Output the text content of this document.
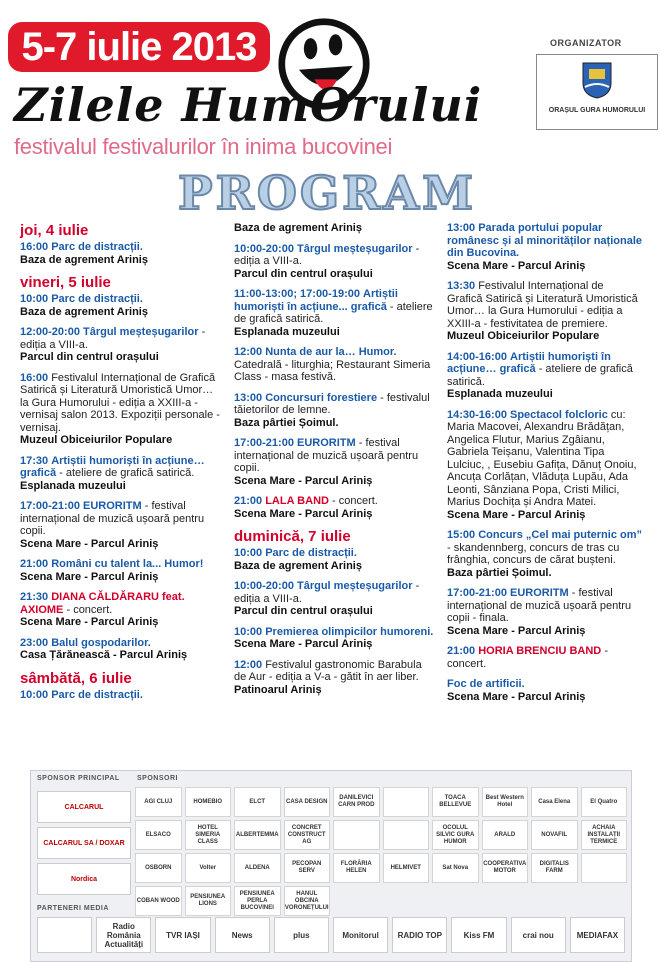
5-7 iulie 2013
Zilele HumOrului
festivalul festivalurilor în inima bucovinei
PROGRAM
ORGANIZATOR
ORAȘUL GURA HUMORULUI
joi, 4 iulie
16:00 Parc de distracții.
Baza de agrement Ariniș
vineri, 5 iulie
10:00 Parc de distracții.
Baza de agrement Ariniș
12:00-20:00 Târgul meșteșugarilor - ediția a VIII-a.
Parcul din centrul orașului
16:00 Festivalul Internațional de Grafică Satirică și Literatură Umoristică Umor… la Gura Humorului - ediția a XXIII-a - vernisaj salon 2013. Expoziții personale - vernisaj.
Muzeul Obiceiurilor Populare
17:30 Artiștii humoriști în acțiune… grafică - ateliere de grafică satirică.
Esplanada muzeului
17:00-21:00 EURORITM - festival internațional de muzică ușoară pentru copii.
Scena Mare - Parcul Ariniș
21:00 Români cu talent la... Humor!
Scena Mare - Parcul Ariniș
21:30 DIANA CĂLDĂRARU feat. AXIOME - concert.
Scena Mare - Parcul Ariniș
23:00 Balul gospodarilor.
Casa Țărănească - Parcul Ariniș
sâmbătă, 6 iulie
10:00 Parc de distracții.
Baza de agrement Ariniș
10:00-20:00 Târgul meșteșugarilor - ediția a VIII-a.
Parcul din centrul orașului
11:00-13:00; 17:00-19:00 Artiștii humoriști în acțiune... grafică - ateliere de grafică satirică.
Esplanada muzeului
12:00 Nunta de aur la… Humor. Catedrală - liturghia; Restaurant Simeria Class - masa festivă.
13:00 Concursuri forestiere - festivalul tăietorilor de lemne.
Baza pârtiei Șoimul.
17:00-21:00 EURORITM - festival internațional de muzică ușoară pentru copii.
Scena Mare - Parcul Ariniș
21:00 LALA BAND - concert.
Scena Mare - Parcul Ariniș
duminică, 7 iulie
10:00 Parc de distracții.
Baza de agrement Ariniș
10:00-20:00 Târgul meșteșugarilor - ediția a VIII-a.
Parcul din centrul orașului
10:00 Premierea olimpicilor humoreni.
Scena Mare - Parcul Ariniș
12:00 Festivalul gastronomic Barabula de Aur - ediția a V-a - gătit în aer liber.
Patinoarul Ariniș
13:00 Parada portului popular românesc și al minorităților naționale din Bucovina.
Scena Mare - Parcul Ariniș
13:30 Festivalul Internațional de Grafică Satirică și Literatură Umoristică Umor… la Gura Humorului - ediția a XXIII-a - festivitatea de premiere.
Muzeul Obiceiurilor Populare
14:00-16:00 Artiștii humoriști în acțiune… grafică - ateliere de grafică satirică.
Esplanada muzeului
14:30-16:00 Spectacol folcloric cu: Maria Macovei, Alexandru Brădățan, Angelica Flutur, Marius Zgâianu, Gabriela Teișanu, Valentina Tipa Lulciuc, , Eusebiu Gafița, Dănuț Onoiu, Ancuța Corlățan, Vlăduța Lupău, Ada Leonti, Sânziana Popa, Cristi Milici, Marius Dochița și Andra Matei.
Scena Mare - Parcul Ariniș
15:00 Concurs „Cel mai puternic om” - skandennberg, concurs de tras cu frânghia, concurs de cărat bușteni.
Baza pârtiei Șoimul.
17:00-21:00 EURORITM - festival internațional de muzică ușoară pentru copii - finala.
Scena Mare - Parcul Ariniș
21:00 HORIA BRENCIU BAND - concert.
Foc de artificii.
Scena Mare - Parcul Ariniș
SPONSOR PRINCIPAL SPONSORI
CALCARUL
CALCARUL SA / DOXAR
Nordica
AGI CLUJ	HOMEBIO	ELCT	CASA DESIGN
DANILEVICI CARN PROD
TOACA BELLEVUE
Best Western Hotel
Casa Elena	El Quatro
ELSACO
HOTEL SIMERIA CLASS
ALBERTEMMA
CONCRET CONSTRUCT AG
OCOLUL SILVIC GURA HUMOR
ARALD	NOVAFIL
ACHAIA INSTALAȚII TERMICE
OSBORN	Volter	ALDENA
PECOPAN SERV
FLORĂRIA HELEN
HELMIVET	Sat Nova
COOPERATIVA MOTOR
DIGITALIS FARM
COBAN WOOD
PENSIUNEA LIONS
PENSIUNEA PERLA BUCOVINEI
HANUL OBCINA VORONEȚULUI
PARTENERI MEDIA
Radio România Actualități
TVR IAȘI	News	plus	Monitorul	RADIO TOP	Kiss FM	crai nou	MEDIAFAX
